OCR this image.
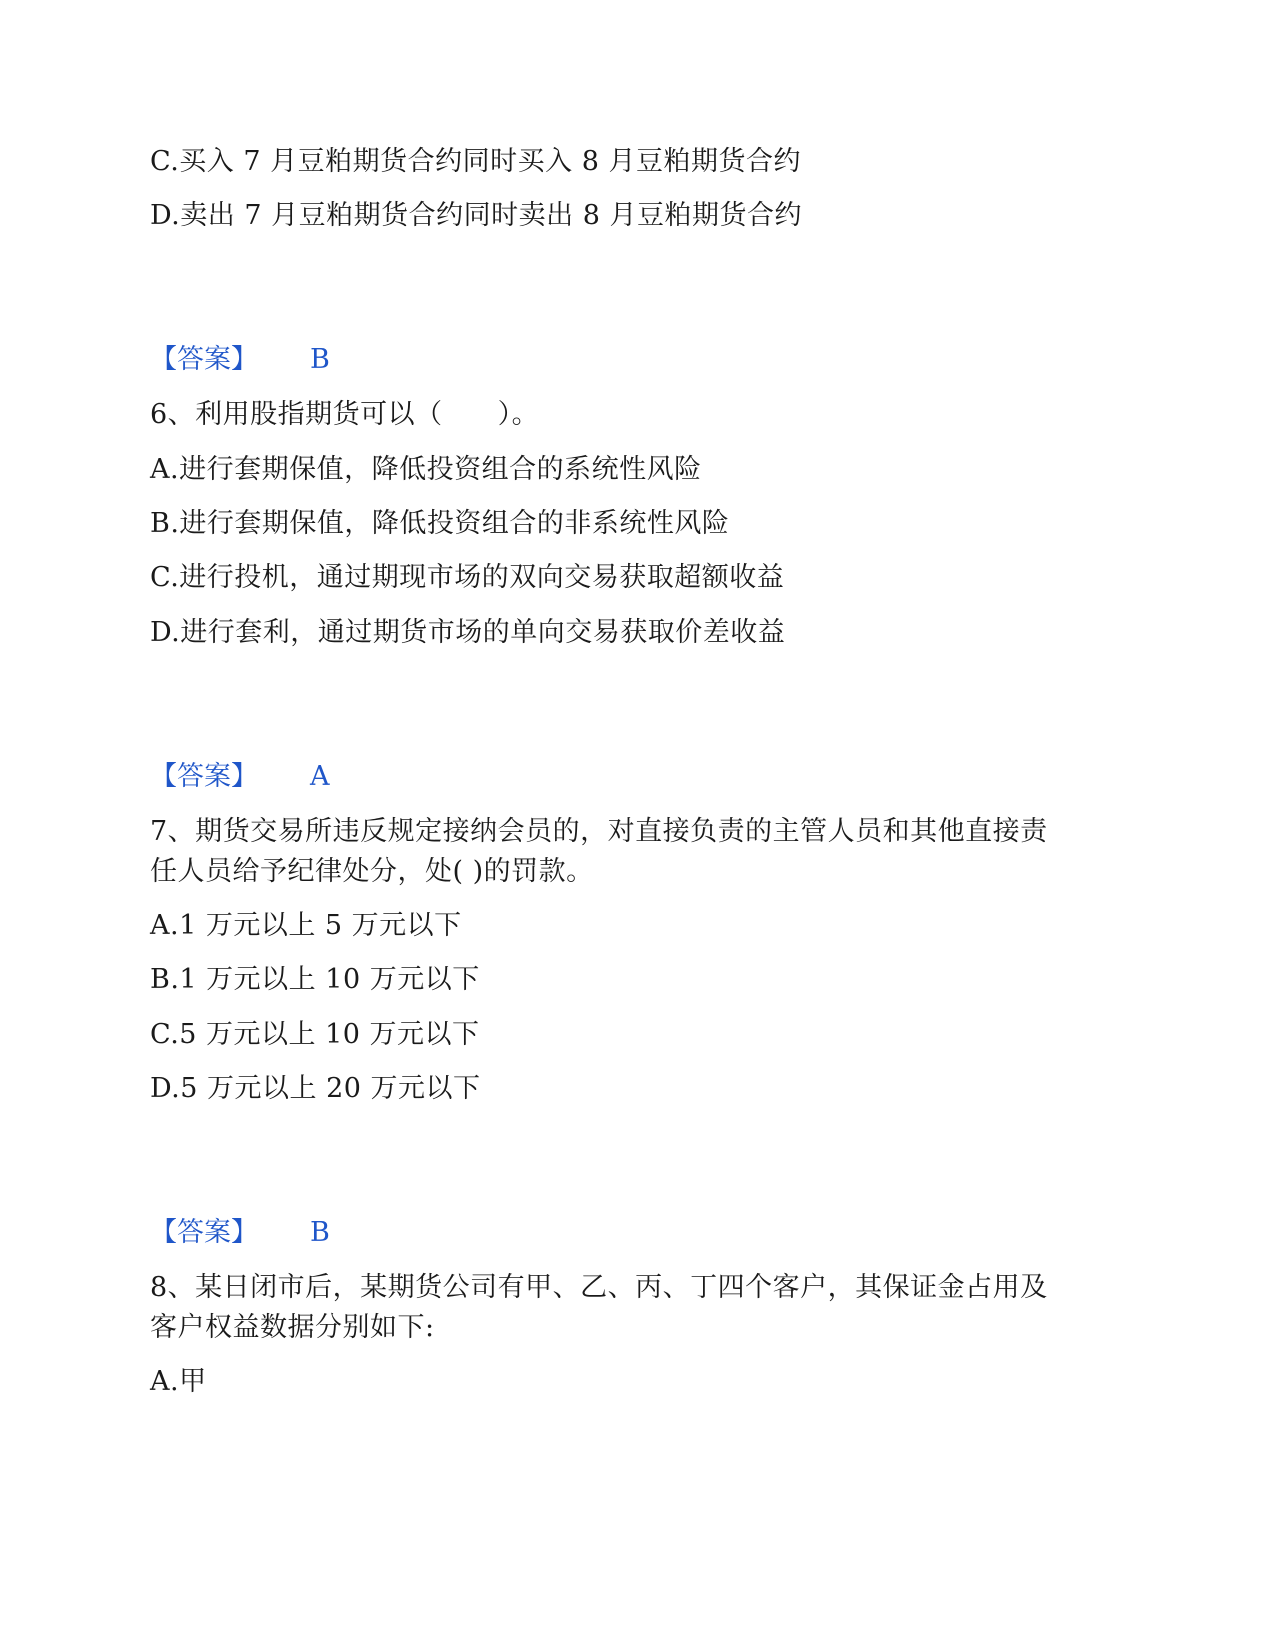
C.买入 7 月豆粕期货合约同时买入 8 月豆粕期货合约
D.卖出 7 月豆粕期货合约同时卖出 8 月豆粕期货合约
【答案】 B
6、利用股指期货可以（　　）。
A.进行套期保值，降低投资组合的系统性风险
B.进行套期保值，降低投资组合的非系统性风险
C.进行投机，通过期现市场的双向交易获取超额收益
D.进行套利，通过期货市场的单向交易获取价差收益
【答案】 A
7、期货交易所违反规定接纳会员的，对直接负责的主管人员和其他直接责
任人员给予纪律处分，处( )的罚款。
A.1 万元以上 5 万元以下
B.1 万元以上 10 万元以下
C.5 万元以上 10 万元以下
D.5 万元以上 20 万元以下
【答案】 B
8、某日闭市后，某期货公司有甲、乙、丙、丁四个客户，其保证金占用及
客户权益数据分别如下:
A.甲
